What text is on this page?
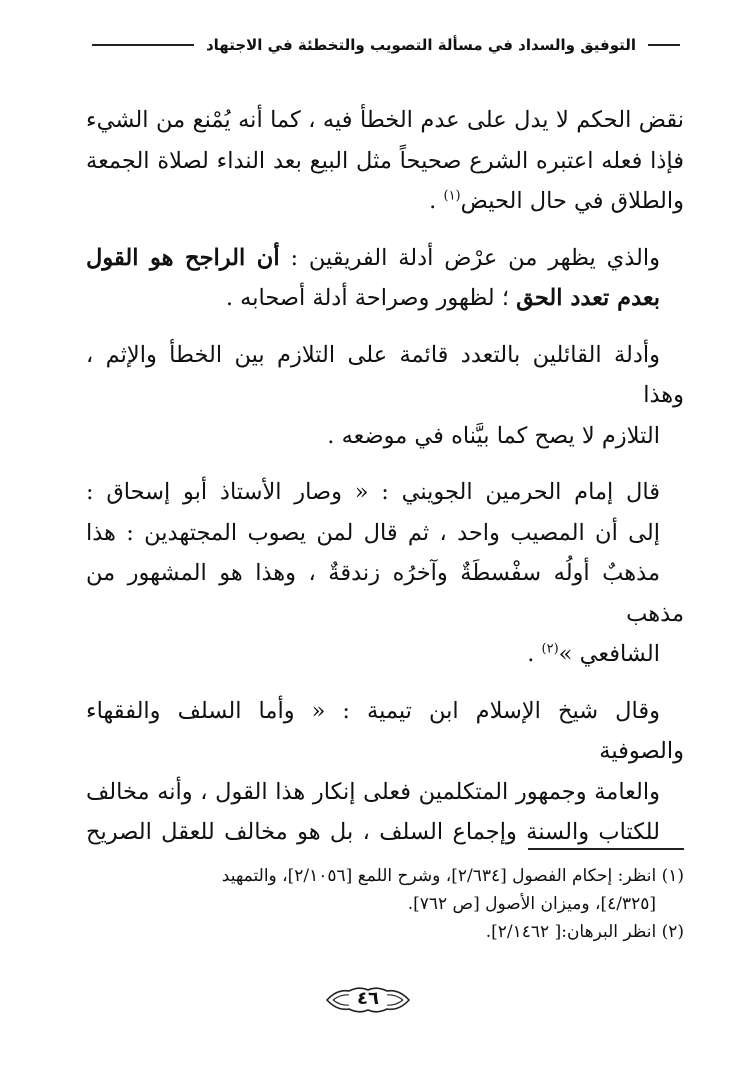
التوفيق والسداد في مسألة التصويب والتخطئة في الاجتهاد

نقض الحكم لا يدل على عدم الخطأ فيه ، كما أنه يُمْنع من الشيء
فإذا فعله اعتبره الشرع صحيحاً مثل البيع بعد النداء لصلاة الجمعة
والطلاق في حال الحيض$^{(١)}$ .

والذي يظهر من عرْض أدلة الفريقين : أن الراجح هو القول
بعدم تعدد الحق ؛ لظهور وصراحة أدلة أصحابه .

وأدلة القائلين بالتعدد قائمة على التلازم بين الخطأ والإثم ، وهذا
التلازم لا يصح كما بيَّناه في موضعه .

قال إمام الحرمين الجويني : « وصار الأستاذ أبو إسحاق :
إلى أن المصيب واحد ، ثم قال لمن يصوب المجتهدين : هذا
مذهبٌ أولُه سفْسطَةٌ وآخرُه زندقةٌ ، وهذا هو المشهور من مذهب
الشافعي »$^{(٢)}$ .

وقال شيخ الإسلام ابن تيمية : « وأما السلف والفقهاء والصوفية
والعامة وجمهور المتكلمين فعلى إنكار هذا القول ، وأنه مخالف
للكتاب والسنة وإجماع السلف ، بل هو مخالف للعقل الصريح

(١) انظر: إحكام الفصول [٢/٦٣٤]، وشرح اللمع [٢/١٠٥٦]، والتمهيد
[٤/٣٢٥]، وميزان الأصول [ص ٧٦٢].
(٢) انظر البرهان:[ ٢/١٤٦٢].
٤٦
